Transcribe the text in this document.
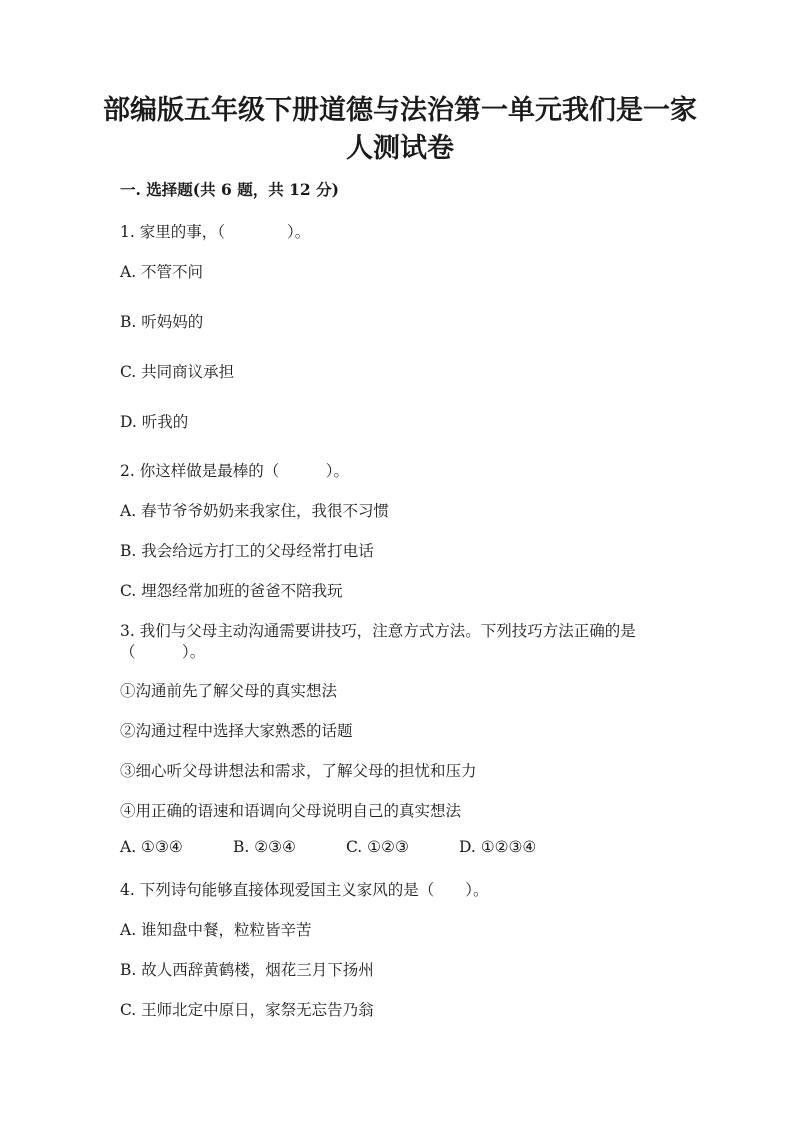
部编版五年级下册道德与法治第一单元我们是一家
人测试卷
一. 选择题(共 6 题，共 12 分)
1. 家里的事，（　　　　）。
A. 不管不问
B. 听妈妈的
C. 共同商议承担
D. 听我的
2. 你这样做是最棒的（　　　）。
A. 春节爷爷奶奶来我家住，我很不习惯
B. 我会给远方打工的父母经常打电话
C. 埋怨经常加班的爸爸不陪我玩
3. 我们与父母主动沟通需要讲技巧，注意方式方法。下列技巧方法正确的是
（　　　）。
①沟通前先了解父母的真实想法
②沟通过程中选择大家熟悉的话题
③细心听父母讲想法和需求，了解父母的担忧和压力
④用正确的语速和语调向父母说明自己的真实想法
A. ①③④	B. ②③④	C. ①②③	D. ①②③④
4. 下列诗句能够直接体现爱国主义家风的是（　　）。
A. 谁知盘中餐，粒粒皆辛苦
B. 故人西辞黄鹤楼，烟花三月下扬州
C. 王师北定中原日，家祭无忘告乃翁
